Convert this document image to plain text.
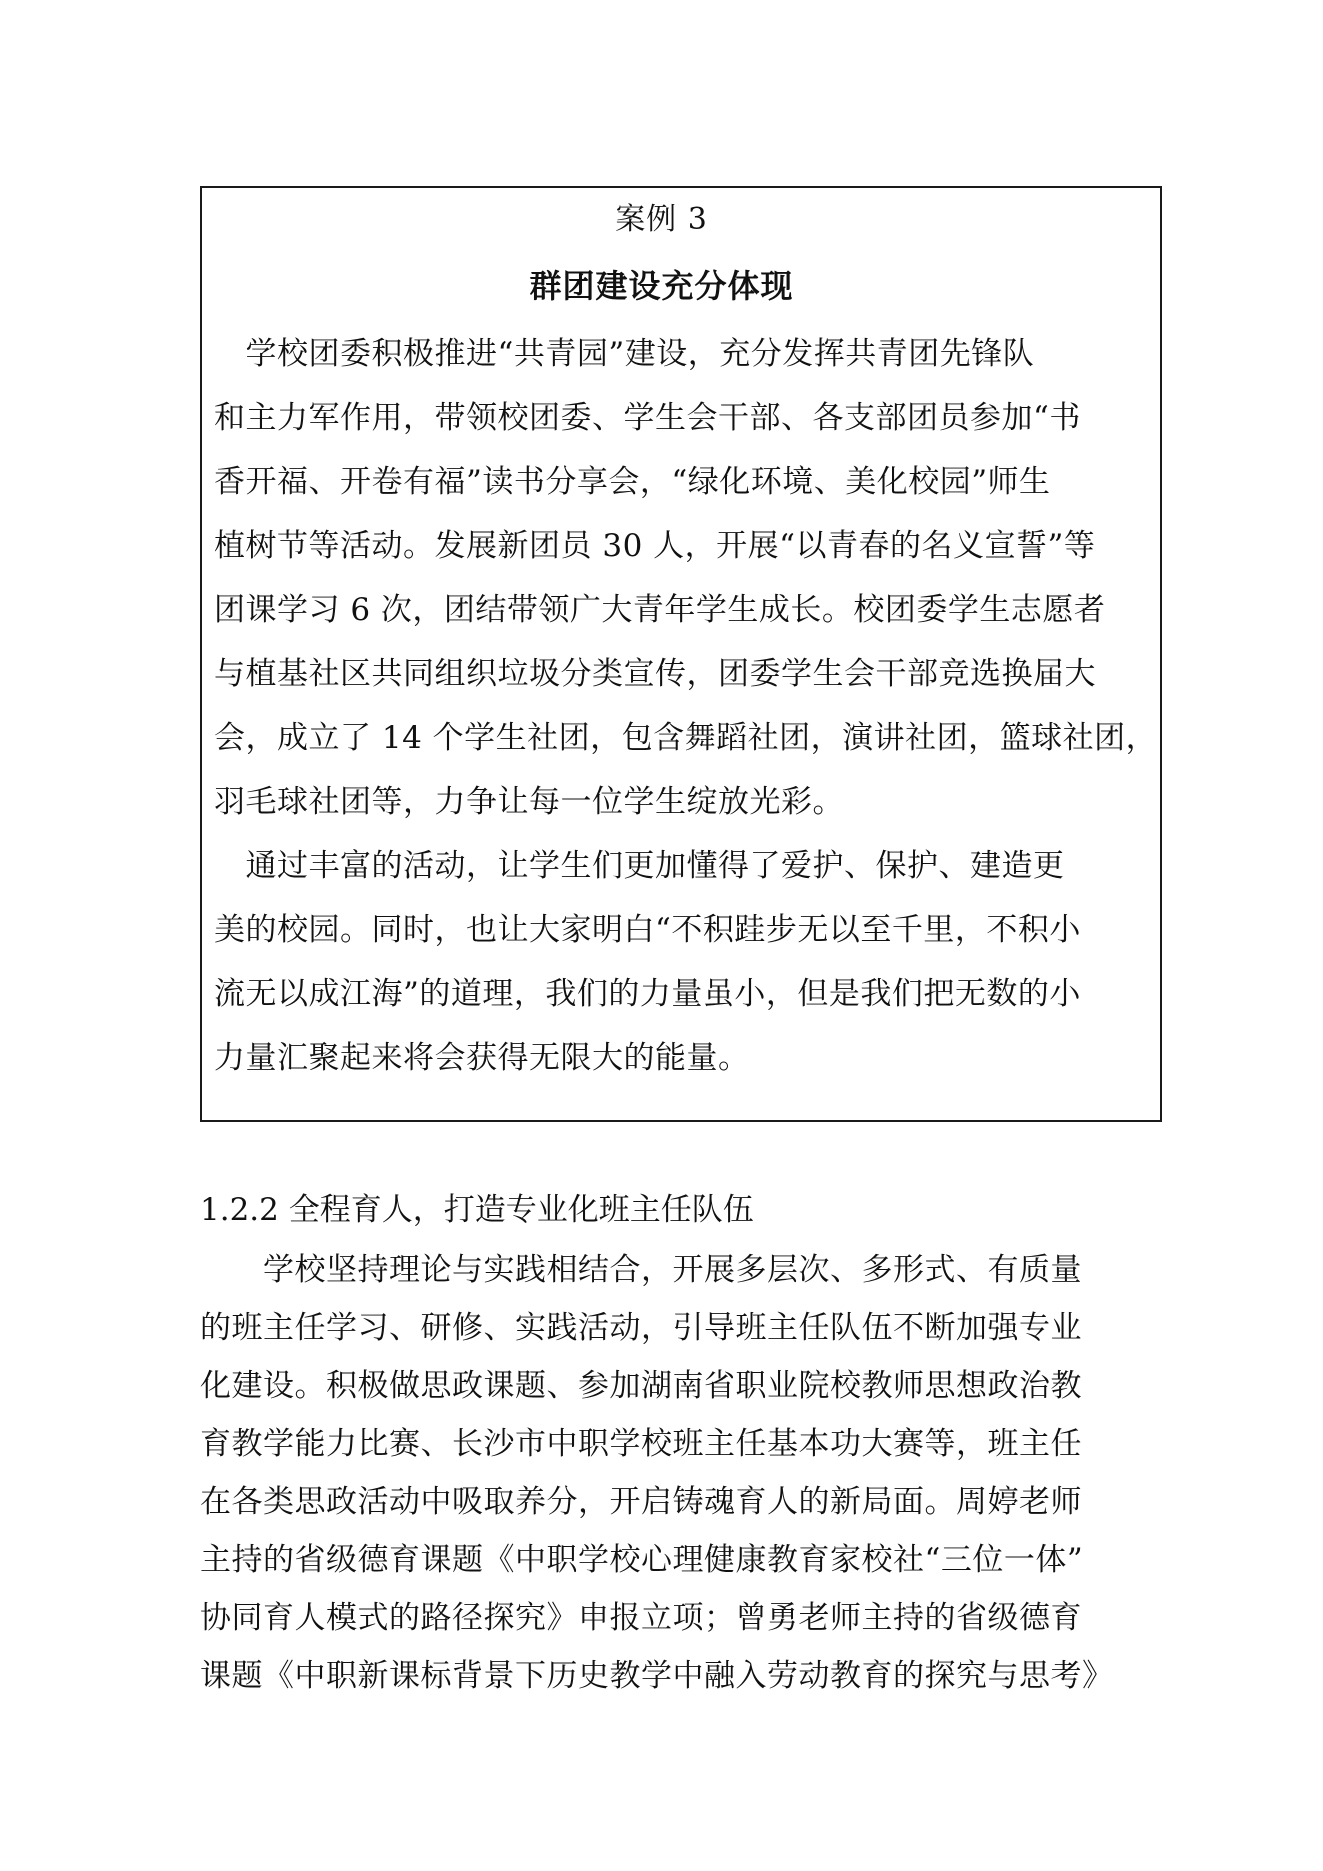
案例 3
群团建设充分体现
　学校团委积极推进“共青园”建设，充分发挥共青团先锋队
和主力军作用，带领校团委、学生会干部、各支部团员参加“书
香开福、开卷有福”读书分享会，“绿化环境、美化校园”师生
植树节等活动。发展新团员 30 人，开展“以青春的名义宣誓”等
团课学习 6 次，团结带领广大青年学生成长。校团委学生志愿者
与植基社区共同组织垃圾分类宣传，团委学生会干部竞选换届大
会，成立了 14 个学生社团，包含舞蹈社团，演讲社团，篮球社团，
羽毛球社团等，力争让每一位学生绽放光彩。
　通过丰富的活动，让学生们更加懂得了爱护、保护、建造更
美的校园。同时，也让大家明白“不积跬步无以至千里，不积小
流无以成江海”的道理，我们的力量虽小，但是我们把无数的小
力量汇聚起来将会获得无限大的能量。
1.2.2 全程育人，打造专业化班主任队伍
　　学校坚持理论与实践相结合，开展多层次、多形式、有质量
的班主任学习、研修、实践活动，引导班主任队伍不断加强专业
化建设。积极做思政课题、参加湖南省职业院校教师思想政治教
育教学能力比赛、长沙市中职学校班主任基本功大赛等，班主任
在各类思政活动中吸取养分，开启铸魂育人的新局面。周婷老师
主持的省级德育课题《中职学校心理健康教育家校社“三位一体”
协同育人模式的路径探究》申报立项；曾勇老师主持的省级德育
课题《中职新课标背景下历史教学中融入劳动教育的探究与思考》
